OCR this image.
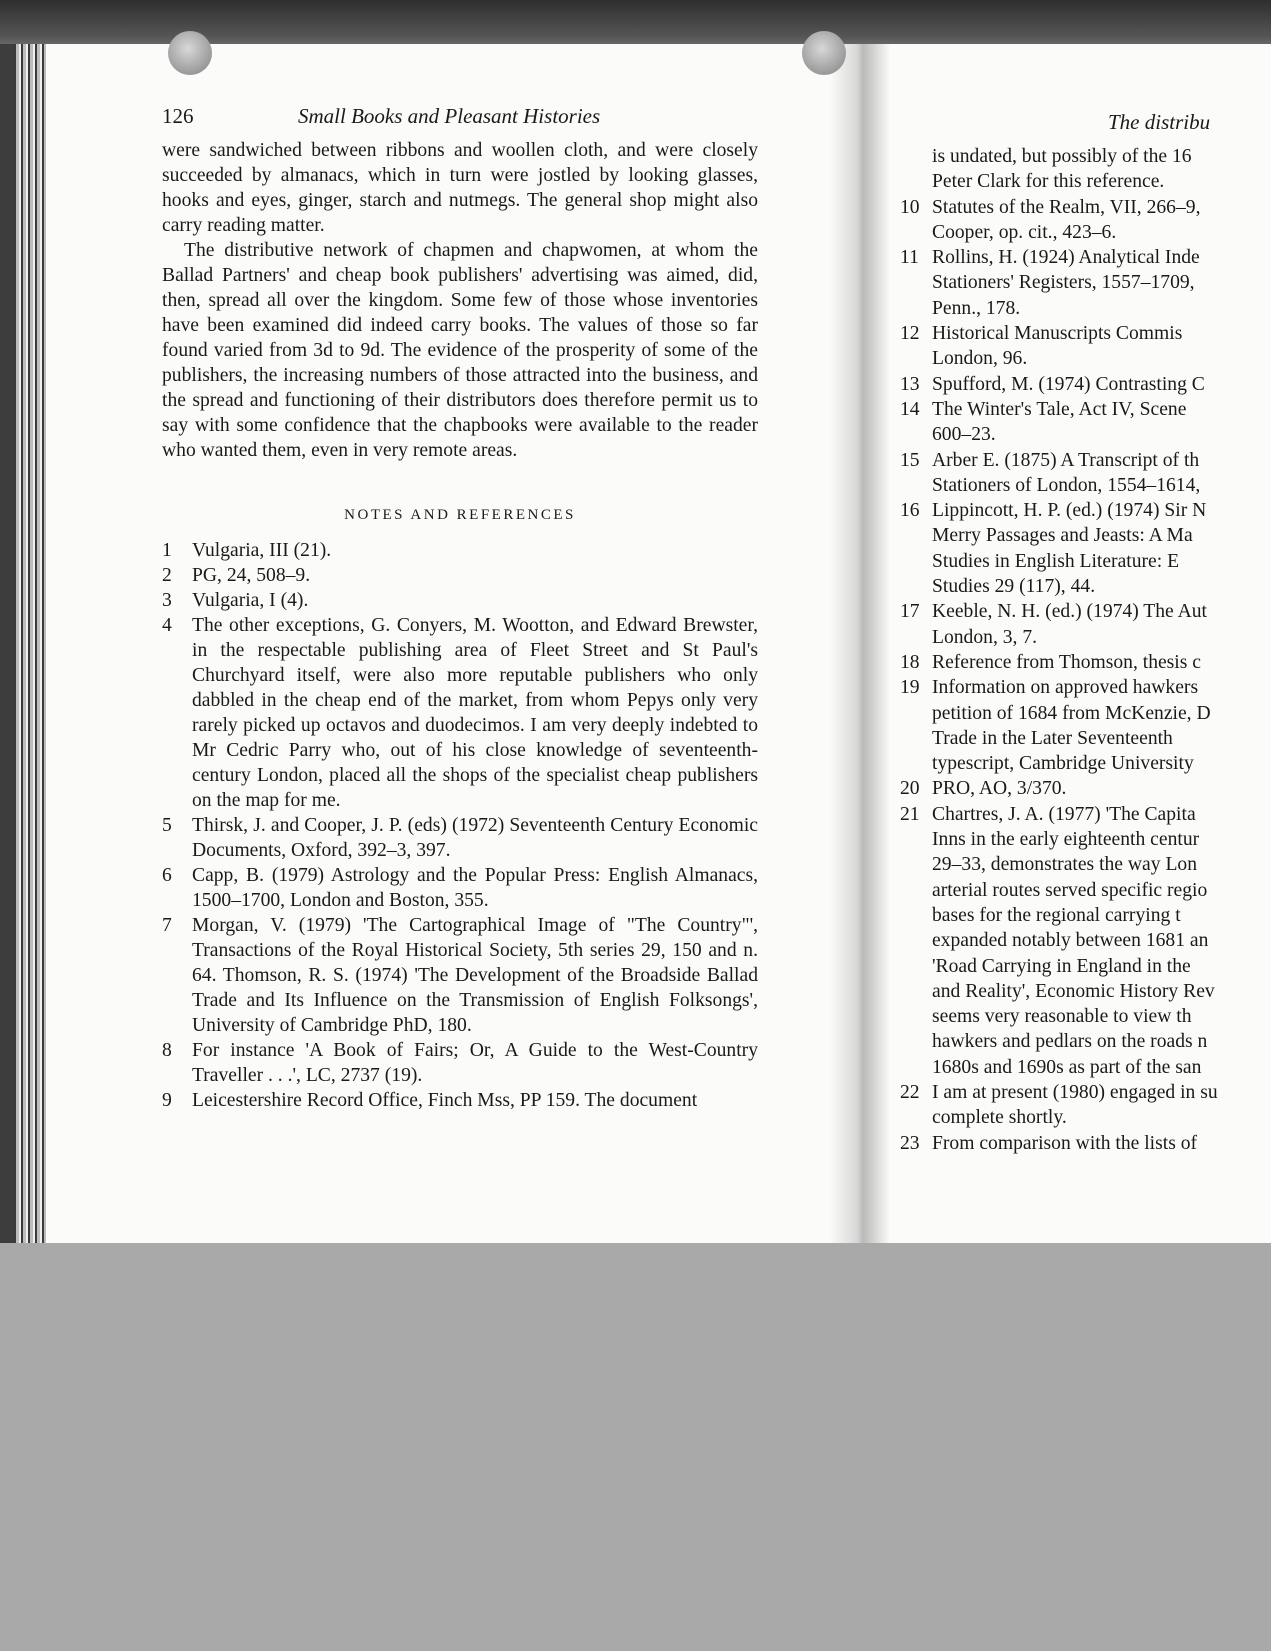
126	Small Books and Pleasant Histories

were sandwiched between ribbons and woollen cloth, and were closely succeeded by almanacs, which in turn were jostled by looking glasses, hooks and eyes, ginger, starch and nutmegs. The general shop might also carry reading matter.

The distributive network of chapmen and chapwomen, at whom the Ballad Partners' and cheap book publishers' advertising was aimed, did, then, spread all over the kingdom. Some few of those whose inventories have been examined did indeed carry books. The values of those so far found varied from 3d to 9d. The evidence of the prosperity of some of the publishers, the increasing numbers of those attracted into the business, and the spread and functioning of their distributors does therefore permit us to say with some confidence that the chapbooks were available to the reader who wanted them, even in very remote areas.

NOTES AND REFERENCES
1	Vulgaria, III (21).
2	PG, 24, 508–9.
3	Vulgaria, I (4).
4	The other exceptions, G. Conyers, M. Wootton, and Edward Brewster, in the respectable publishing area of Fleet Street and St Paul's Churchyard itself, were also more reputable publishers who only dabbled in the cheap end of the market, from whom Pepys only very rarely picked up octavos and duodecimos. I am very deeply indebted to Mr Cedric Parry who, out of his close knowledge of seventeenth-century London, placed all the shops of the specialist cheap publishers on the map for me.
5	Thirsk, J. and Cooper, J. P. (eds) (1972) Seventeenth Century Economic Documents, Oxford, 392–3, 397.
6	Capp, B. (1979) Astrology and the Popular Press: English Almanacs, 1500–1700, London and Boston, 355.
7	Morgan, V. (1979) 'The Cartographical Image of "The Country"', Transactions of the Royal Historical Society, 5th series 29, 150 and n. 64. Thomson, R. S. (1974) 'The Development of the Broadside Ballad Trade and Its Influence on the Transmission of English Folksongs', University of Cambridge PhD, 180.
8	For instance 'A Book of Fairs; Or, A Guide to the West-Country Traveller . . .', LC, 2737 (19).
9	Leicestershire Record Office, Finch Mss, PP 159. The document
The distribu
is undated, but possibly of the 16
Peter Clark for this reference.
10 Statutes of the Realm, VII, 266–9,
Cooper, op. cit., 423–6.
11 Rollins, H. (1924) Analytical Inde
Stationers' Registers, 1557–1709,
Penn., 178.
12 Historical Manuscripts Commis
London, 96.
13 Spufford, M. (1974) Contrasting C
14 The Winter's Tale, Act IV, Scene
600–23.
15 Arber E. (1875) A Transcript of th
Stationers of London, 1554–1614,
16 Lippincott, H. P. (ed.) (1974) Sir N
Merry Passages and Jeasts: A Ma
Studies in English Literature: E
Studies 29 (117), 44.
17 Keeble, N. H. (ed.) (1974) The Aut
London, 3, 7.
18 Reference from Thomson, thesis c
19 Information on approved hawkers
petition of 1684 from McKenzie, D
Trade in the Later Seventeenth
typescript, Cambridge University
20 PRO, AO, 3/370.
21 Chartres, J. A. (1977) 'The Capita
Inns in the early eighteenth centur
29–33, demonstrates the way Lon
arterial routes served specific regio
bases for the regional carrying t
expanded notably between 1681 an
'Road Carrying in England in the
and Reality', Economic History Rev
seems very reasonable to view th
hawkers and pedlars on the roads n
1680s and 1690s as part of the san
22 I am at present (1980) engaged in su
complete shortly.
23 From comparison with the lists of
